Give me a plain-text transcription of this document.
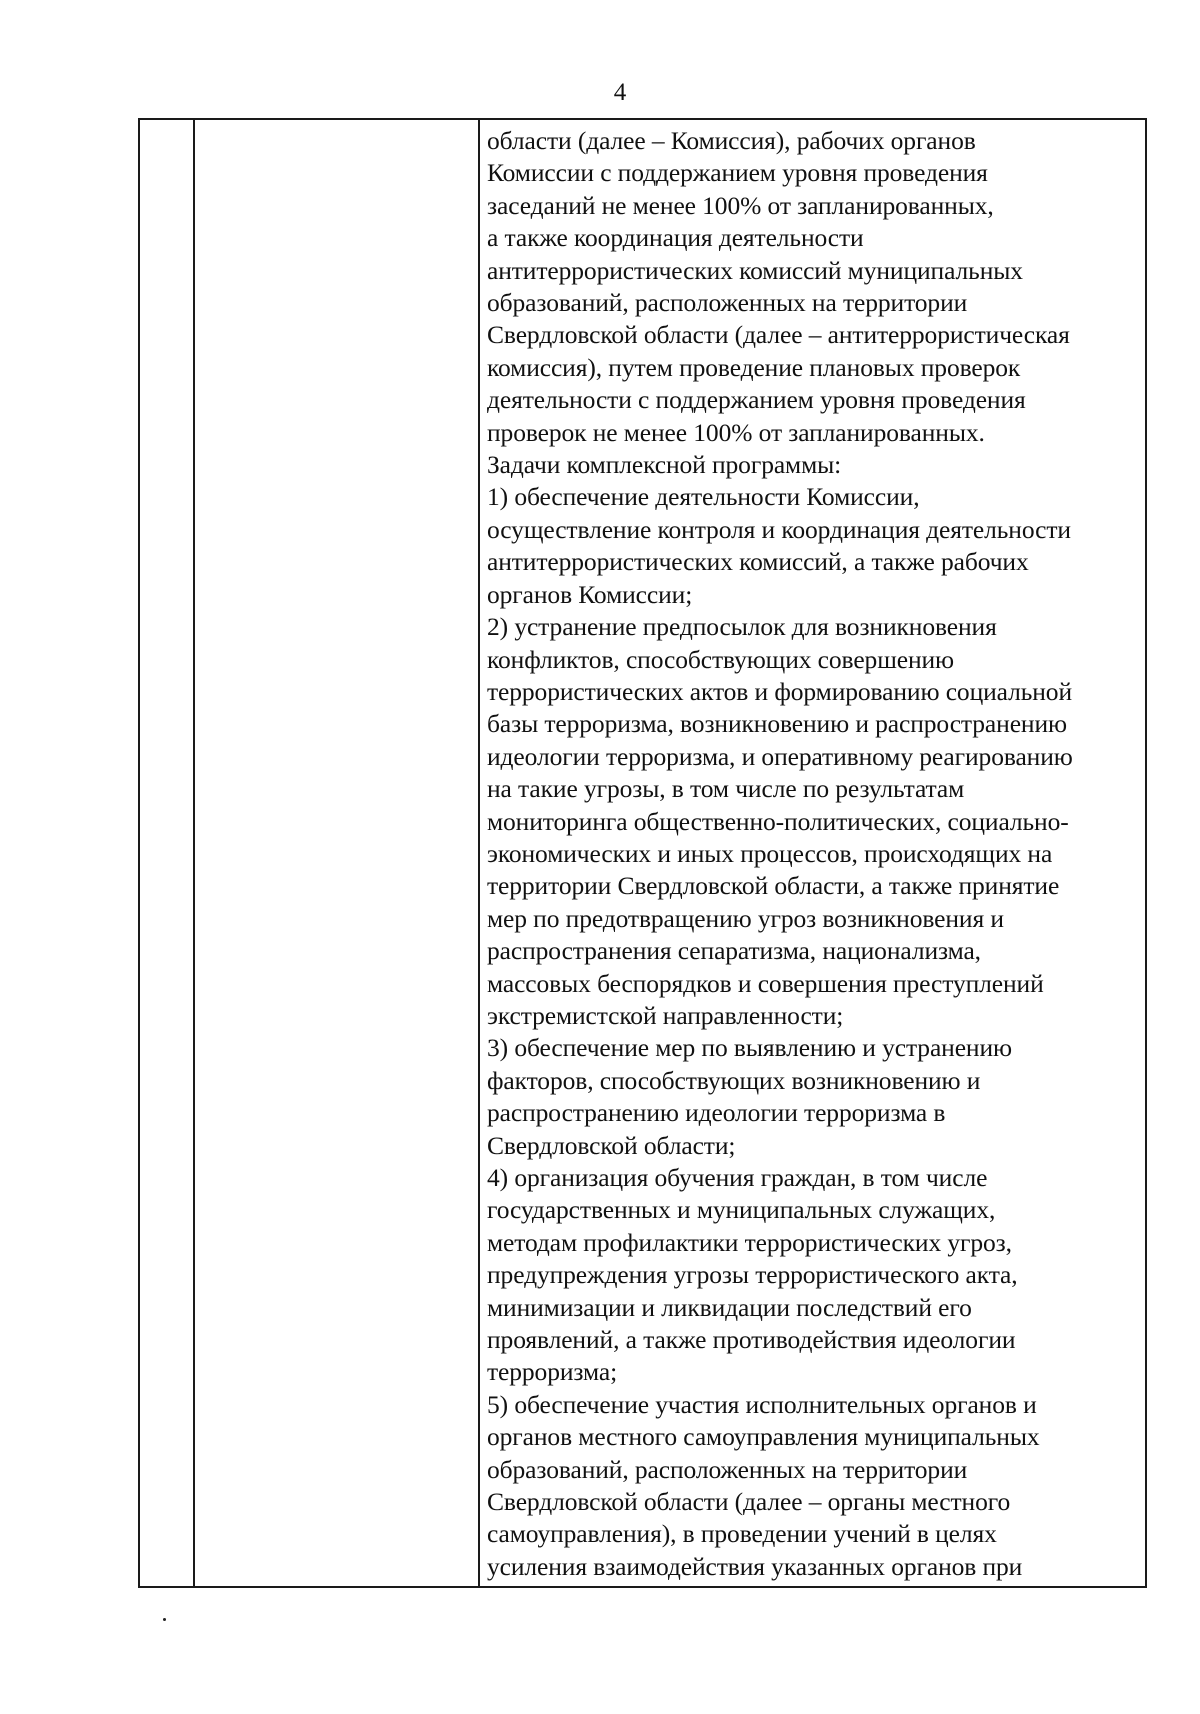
4
области (далее – Комиссия), рабочих органов
Комиссии с поддержанием уровня проведения
заседаний не менее 100% от запланированных,
а также координация деятельности
антитеррористических комиссий муниципальных
образований, расположенных на территории
Свердловской области (далее – антитеррористическая
комиссия), путем проведение плановых проверок
деятельности с поддержанием уровня проведения
проверок не менее 100% от запланированных.
Задачи комплексной программы:
1) обеспечение деятельности Комиссии,
осуществление контроля и координация деятельности
антитеррористических комиссий, а также рабочих
органов Комиссии;
2) устранение предпосылок для возникновения
конфликтов, способствующих совершению
террористических актов и формированию социальной
базы терроризма, возникновению и распространению
идеологии терроризма, и оперативному реагированию
на такие угрозы, в том числе по результатам
мониторинга общественно-политических, социально-
экономических и иных процессов, происходящих на
территории Свердловской области, а также принятие
мер по предотвращению угроз возникновения и
распространения сепаратизма, национализма,
массовых беспорядков и совершения преступлений
экстремистской направленности;
3) обеспечение мер по выявлению и устранению
факторов, способствующих возникновению и
распространению идеологии терроризма в
Свердловской области;
4) организация обучения граждан, в том числе
государственных и муниципальных служащих,
методам профилактики террористических угроз,
предупреждения угрозы террористического акта,
минимизации и ликвидации последствий его
проявлений, а также противодействия идеологии
терроризма;
5) обеспечение участия исполнительных органов и
органов местного самоуправления муниципальных
образований, расположенных на территории
Свердловской области (далее – органы местного
самоуправления), в проведении учений в целях
усиления взаимодействия указанных органов при
